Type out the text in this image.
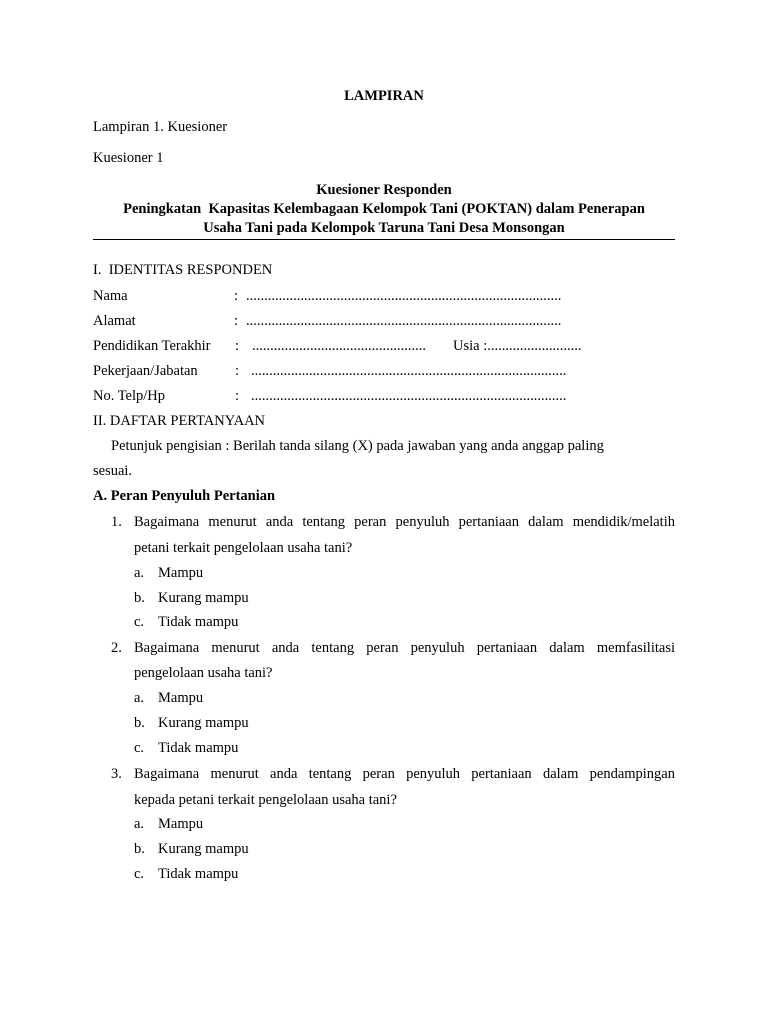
LAMPIRAN
Lampiran 1. Kuesioner
Kuesioner 1
Kuesioner Responden
Peningkatan  Kapasitas Kelembagaan Kelompok Tani (POKTAN) dalam Penerapan
Usaha Tani pada Kelompok Taruna Tani Desa Monsongan
I.  IDENTITAS RESPONDEN
Nama	: .......................................................................................
Alamat	: .......................................................................................
Pendidikan Terakhir : ................................................ Usia :..........................
Pekerjaan/Jabatan	: .......................................................................................
No. Telp/Hp	: .......................................................................................
II. DAFTAR PERTANYAAN
Petunjuk pengisian : Berilah tanda silang (X) pada jawaban yang anda anggap paling
sesuai.
A. Peran Penyuluh Pertanian
1. Bagaimana menurut anda tentang peran penyuluh pertaniaan dalam mendidik/melatih
petani terkait pengelolaan usaha tani?
a. Mampu
b. Kurang mampu
c. Tidak mampu
2. Bagaimana menurut anda tentang peran penyuluh pertaniaan dalam memfasilitasi
pengelolaan usaha tani?
a. Mampu
b. Kurang mampu
c. Tidak mampu
3. Bagaimana menurut anda tentang peran penyuluh pertaniaan dalam pendampingan
kepada petani terkait pengelolaan usaha tani?
a. Mampu
b. Kurang mampu
c. Tidak mampu
